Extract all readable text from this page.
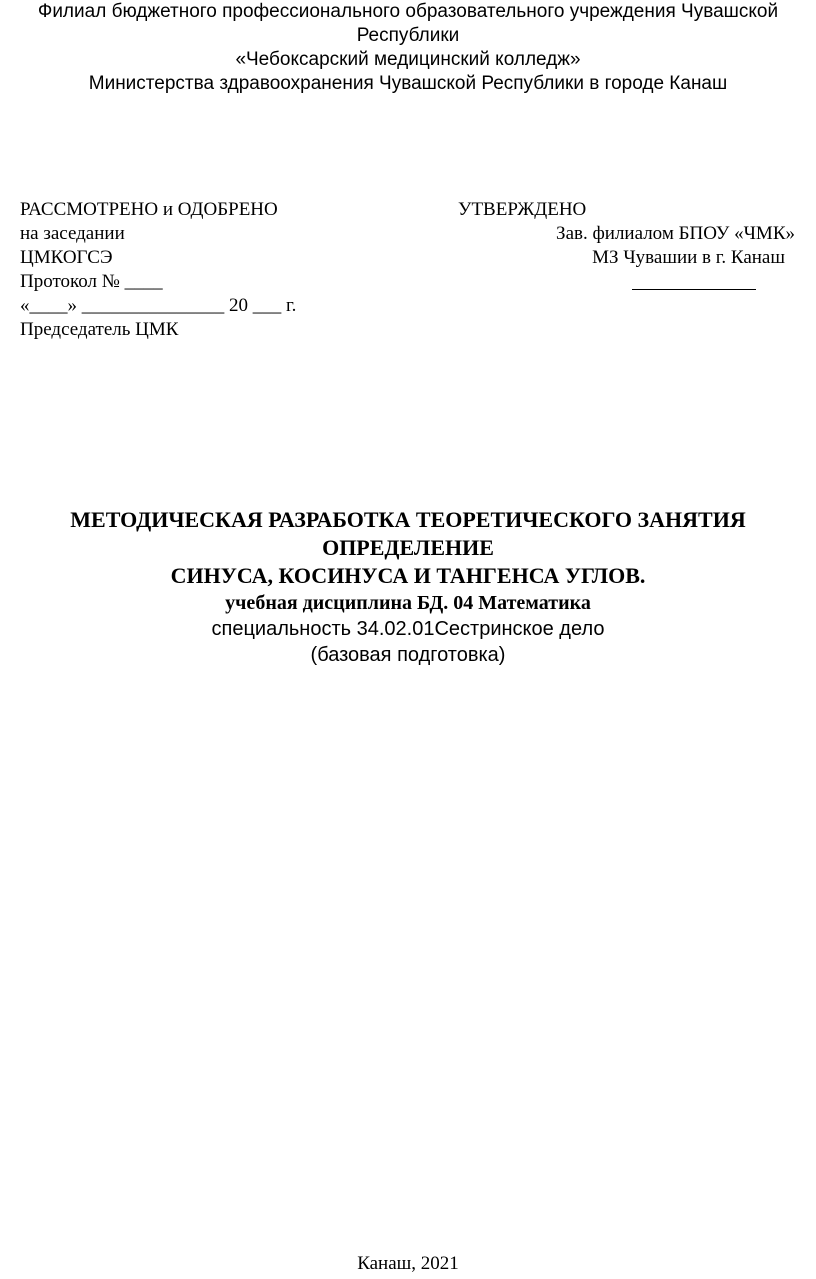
Филиал бюджетного профессионального образовательного учреждения Чувашской
Республики
«Чебоксарский медицинский колледж»
Министерства здравоохранения Чувашской Республики в городе Канаш
РАССМОТРЕНО и ОДОБРЕНО
на заседании
ЦМКОГСЭ
Протокол № ____
«____» _______________ 20 ___ г.
Председатель ЦМК
УТВЕРЖДЕНО
Зав. филиалом БПОУ «ЧМК»
МЗ Чувашии в г. Канаш
МЕТОДИЧЕСКАЯ РАЗРАБОТКА ТЕОРЕТИЧЕСКОГО ЗАНЯТИЯ
ОПРЕДЕЛЕНИЕ
СИНУСА, КОСИНУСА И ТАНГЕНСА УГЛОВ.
учебная дисциплина БД. 04 Математика
специальность 34.02.01Сестринское дело
(базовая подготовка)
Канаш, 2021
